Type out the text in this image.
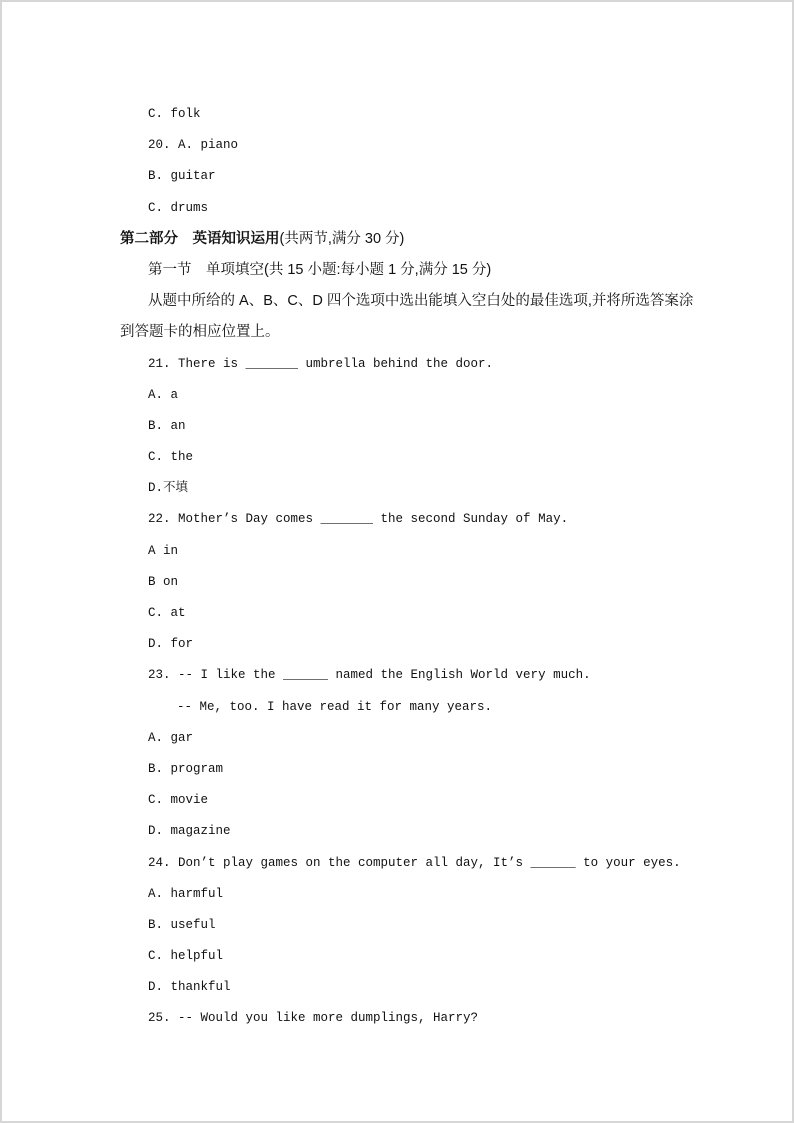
C. folk
20. A. piano
B. guitar
C. drums
第二部分　英语知识运用(共两节,满分 30 分)
第一节　单项填空(共 15 小题:每小题 1 分,满分 15 分)
从题中所给的 A、B、C、D 四个选项中选出能填入空白处的最佳选项,并将所选答案涂
到答题卡的相应位置上。
21. There is _______ umbrella behind the door.
A. a
B. an
C. the
D.不填
22. Mother’s Day comes _______ the second Sunday of May.
A in
B on
C. at
D. for
23. -- I like the ______ named the English World very much.
-- Me, too. I have read it for many years.
A. gar
B. program
C. movie
D. magazine
24. Don’t play games on the computer all day, It’s ______ to your eyes.
A. harmful
B. useful
C. helpful
D. thankful
25. -- Would you like more dumplings, Harry?
